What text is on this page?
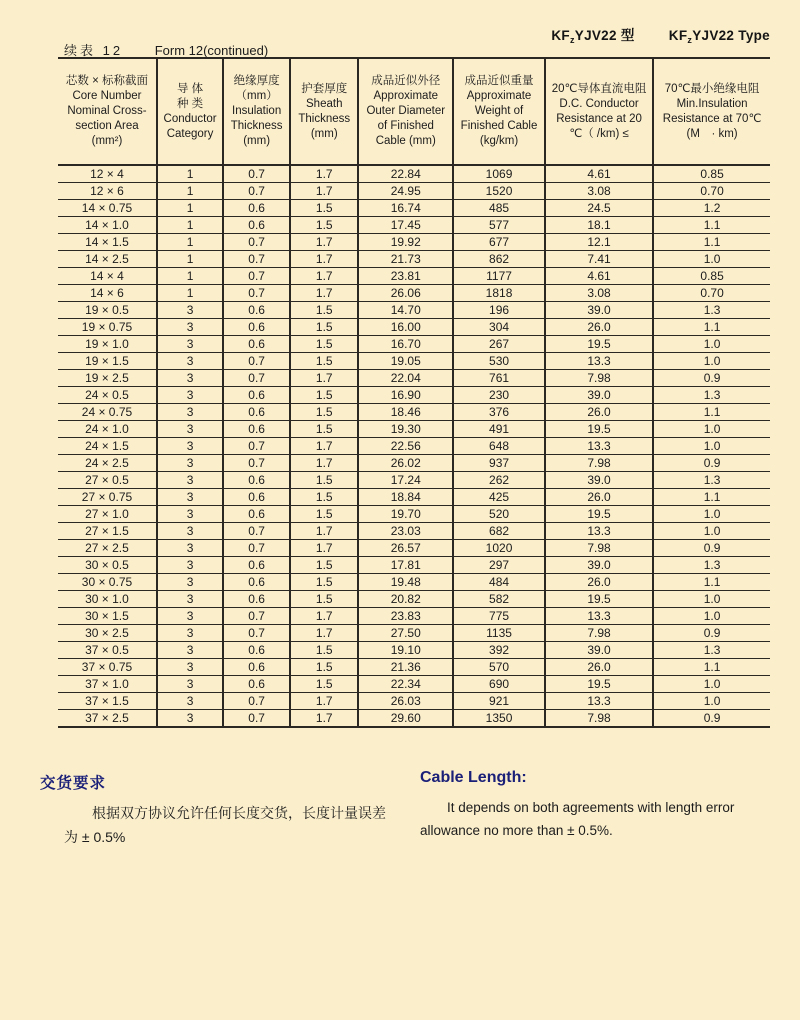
$KF_zYJV22$ 型	$KF_zYJV22$ Type
续表 12 Form 12(continued)
芯数 × 标称截面
Core Number
Nominal Cross-
section Area
(mm²)

导 体
种 类
Conductor
Category

绝缘厚度
（mm）
Insulation
Thickness
(mm)

护套厚度
Sheath
Thickness
(mm)

成品近似外径
Approximate
Outer Diameter
of Finished
Cable (mm)

成品近似重量
Approximate
Weight of
Finished Cable
(kg/km)

20℃导体直流电阻
D.C. Conductor
Resistance at 20
℃（ /km) ≤

70℃最小绝缘电阻
Min.Insulation
Resistance at 70℃
(M　· km)

12 × 4	1	0.7	1.7	22.84	1069	4.61	0.85
12 × 6	1	0.7	1.7	24.95	1520	3.08	0.70
14 × 0.75	1	0.6	1.5	16.74	485	24.5	1.2
14 × 1.0	1	0.6	1.5	17.45	577	18.1	1.1
14 × 1.5	1	0.7	1.7	19.92	677	12.1	1.1
14 × 2.5	1	0.7	1.7	21.73	862	7.41	1.0
14 × 4	1	0.7	1.7	23.81	1177	4.61	0.85
14 × 6	1	0.7	1.7	26.06	1818	3.08	0.70
19 × 0.5	3	0.6	1.5	14.70	196	39.0	1.3
19 × 0.75	3	0.6	1.5	16.00	304	26.0	1.1
19 × 1.0	3	0.6	1.5	16.70	267	19.5	1.0
19 × 1.5	3	0.7	1.5	19.05	530	13.3	1.0
19 × 2.5	3	0.7	1.7	22.04	761	7.98	0.9
24 × 0.5	3	0.6	1.5	16.90	230	39.0	1.3
24 × 0.75	3	0.6	1.5	18.46	376	26.0	1.1
24 × 1.0	3	0.6	1.5	19.30	491	19.5	1.0
24 × 1.5	3	0.7	1.7	22.56	648	13.3	1.0
24 × 2.5	3	0.7	1.7	26.02	937	7.98	0.9
27 × 0.5	3	0.6	1.5	17.24	262	39.0	1.3
27 × 0.75	3	0.6	1.5	18.84	425	26.0	1.1
27 × 1.0	3	0.6	1.5	19.70	520	19.5	1.0
27 × 1.5	3	0.7	1.7	23.03	682	13.3	1.0
27 × 2.5	3	0.7	1.7	26.57	1020	7.98	0.9
30 × 0.5	3	0.6	1.5	17.81	297	39.0	1.3
30 × 0.75	3	0.6	1.5	19.48	484	26.0	1.1
30 × 1.0	3	0.6	1.5	20.82	582	19.5	1.0
30 × 1.5	3	0.7	1.7	23.83	775	13.3	1.0
30 × 2.5	3	0.7	1.7	27.50	1135	7.98	0.9
37 × 0.5	3	0.6	1.5	19.10	392	39.0	1.3
37 × 0.75	3	0.6	1.5	21.36	570	26.0	1.1
37 × 1.0	3	0.6	1.5	22.34	690	19.5	1.0
37 × 1.5	3	0.7	1.7	26.03	921	13.3	1.0
37 × 2.5	3	0.7	1.7	29.60	1350	7.98	0.9
交货要求
根据双方协议允许任何长度交货，长度计量误差为 ± 0.5%
Cable Length:
It depends on both agreements with length error allowance no more than ± 0.5%.
